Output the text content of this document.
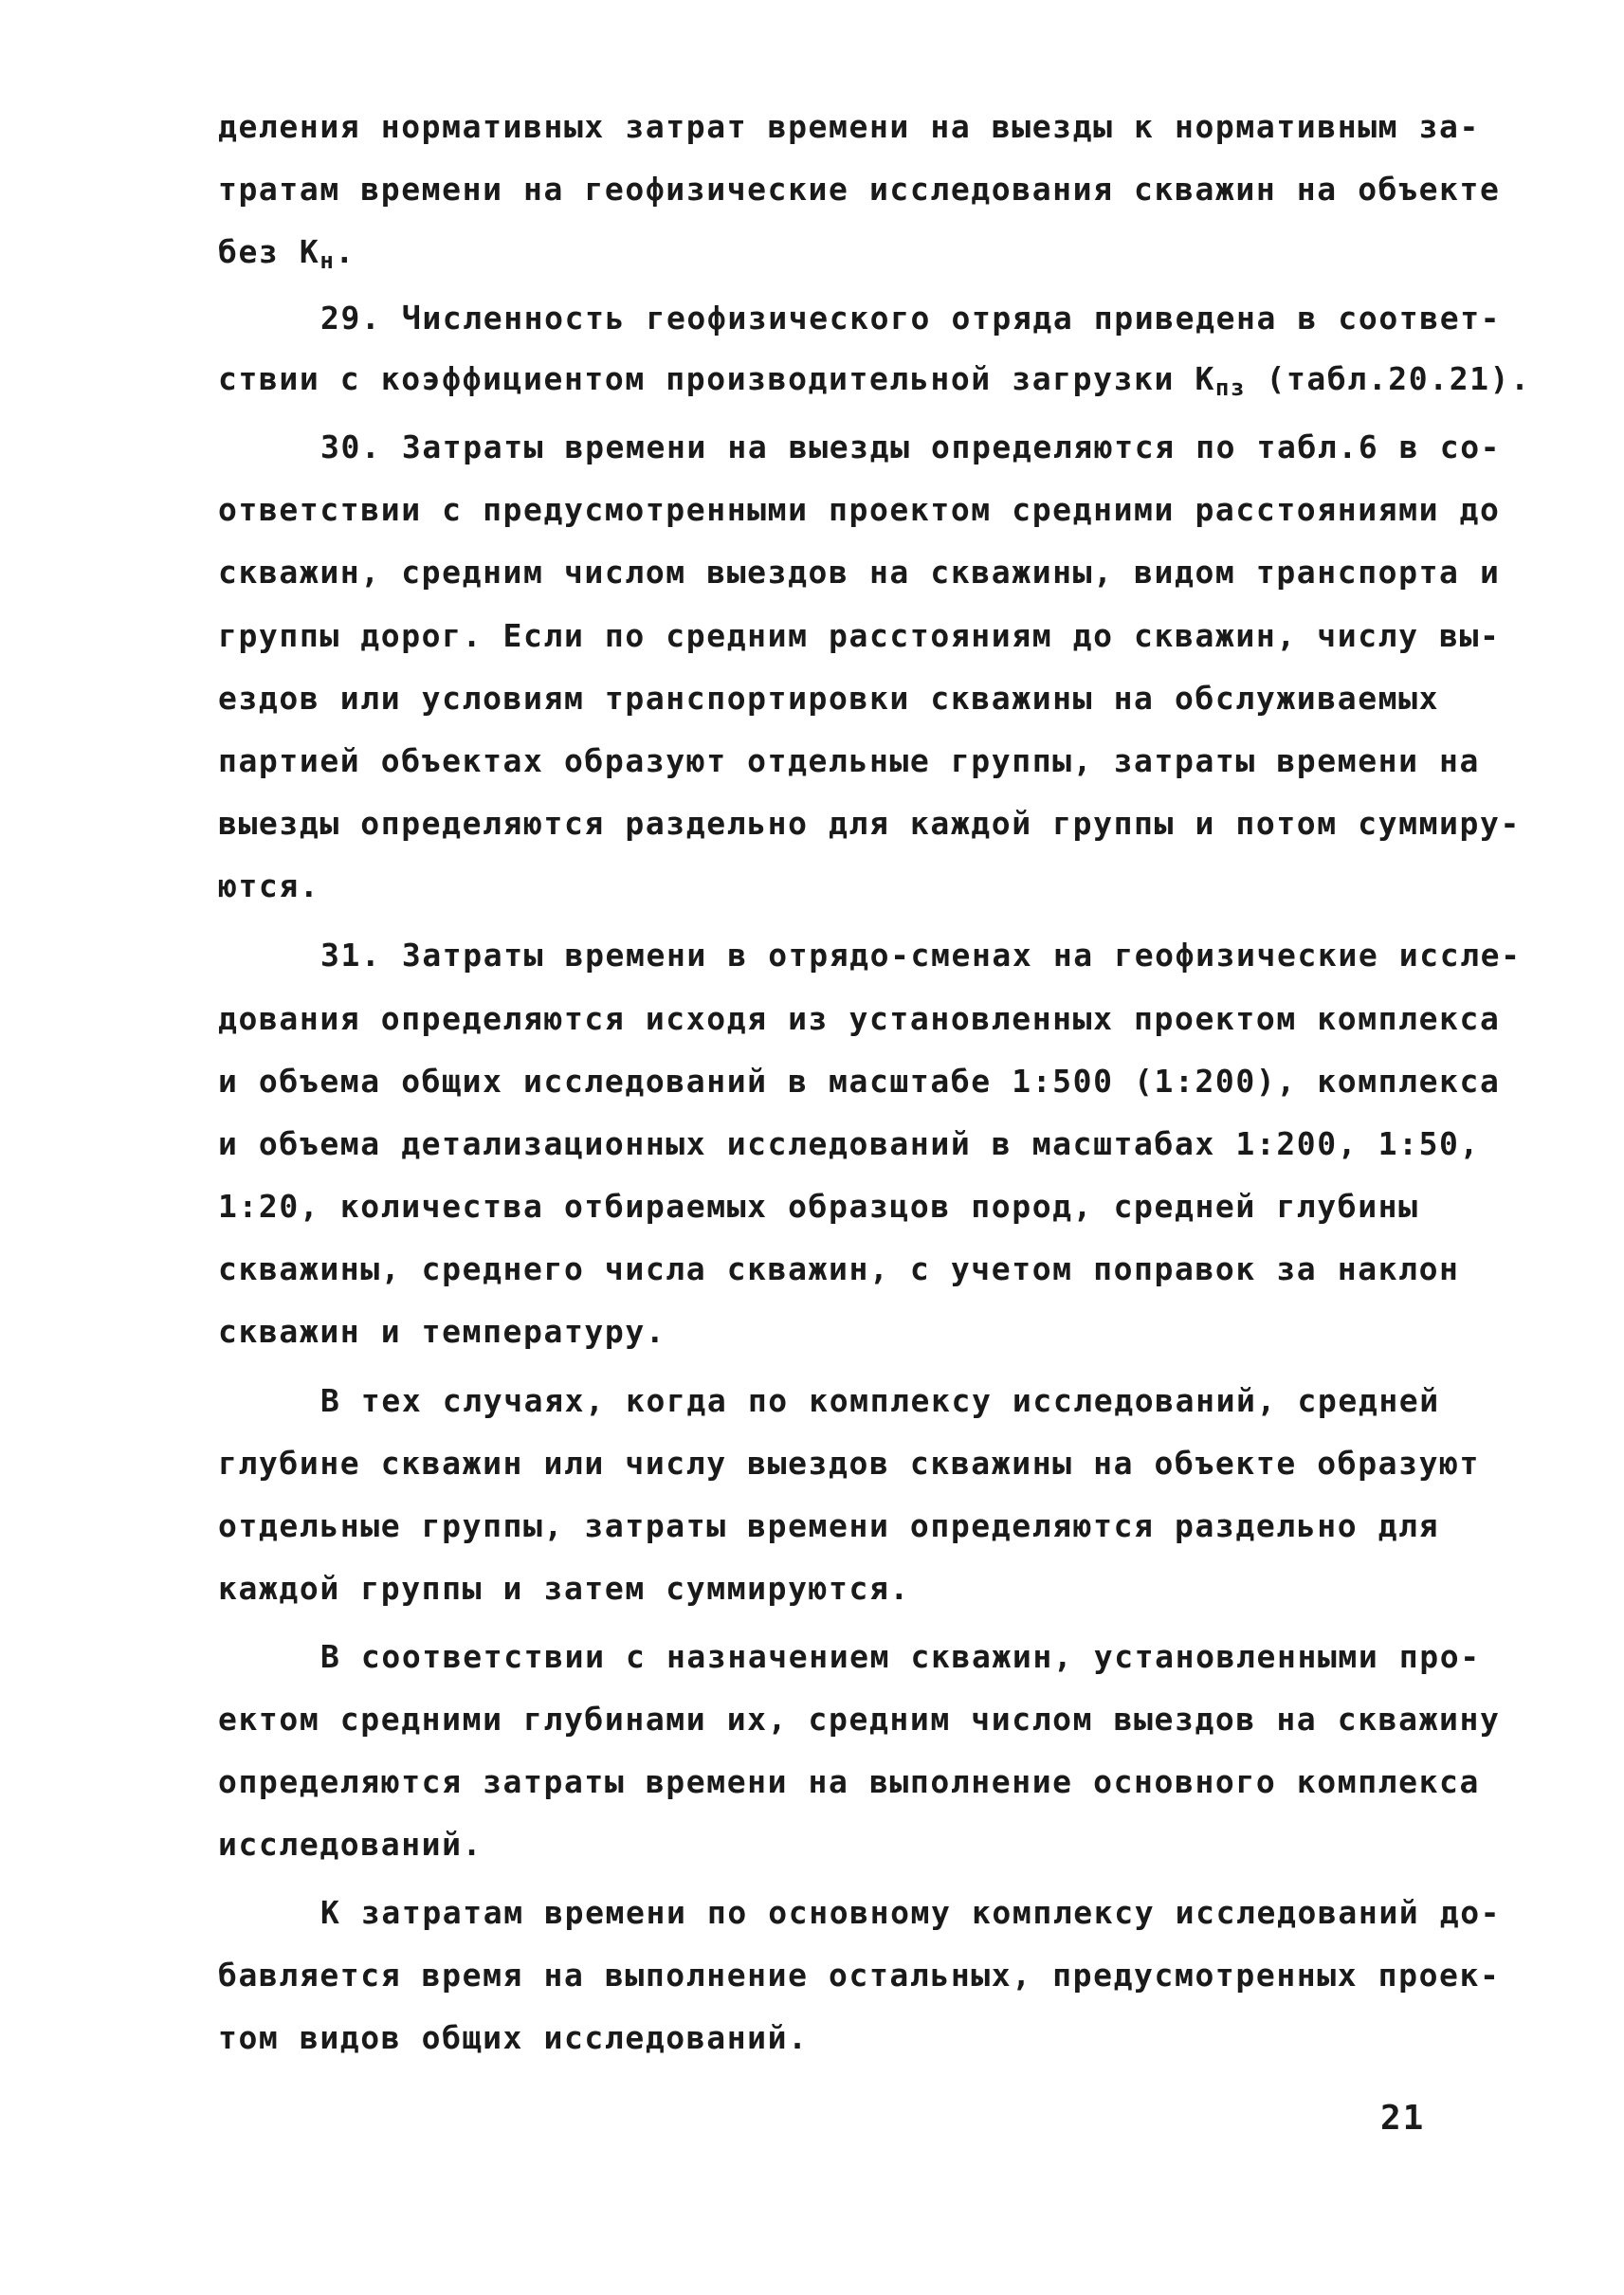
деления нормативных затрат времени на выезды к нормативным за-
тратам времени на геофизические исследования скважин на объекте
без $К_н$.
29. Численность геофизического отряда приведена в соответ-
ствии с коэффициентом производительной загрузки $К_{пз}$ (табл.20.21).
30. Затраты времени на выезды определяются по табл.6 в со-
ответствии с предусмотренными проектом средними расстояниями до
скважин, средним числом выездов на скважины, видом транспорта и
группы дорог. Если по средним расстояниям до скважин, числу вы-
ездов или условиям транспортировки скважины на обслуживаемых
партией объектах образуют отдельные группы, затраты времени на
выезды определяются раздельно для каждой группы и потом суммиру-
ются.
31. Затраты времени в отрядо-сменах на геофизические иссле-
дования определяются исходя из установленных проектом комплекса
и объема общих исследований в масштабе 1:500 (1:200), комплекса
и объема детализационных исследований в масштабах 1:200, 1:50,
1:20, количества отбираемых образцов пород, средней глубины
скважины, среднего числа скважин, с учетом поправок за наклон
скважин и температуру.
В тех случаях, когда по комплексу исследований, средней
глубине скважин или числу выездов скважины на объекте образуют
отдельные группы, затраты времени определяются раздельно для
каждой группы и затем суммируются.
В соответствии с назначением скважин, установленными про-
ектом средними глубинами их, средним числом выездов на скважину
определяются затраты времени на выполнение основного комплекса
исследований.
К затратам времени по основному комплексу исследований до-
бавляется время на выполнение остальных, предусмотренных проек-
том видов общих исследований.
21
